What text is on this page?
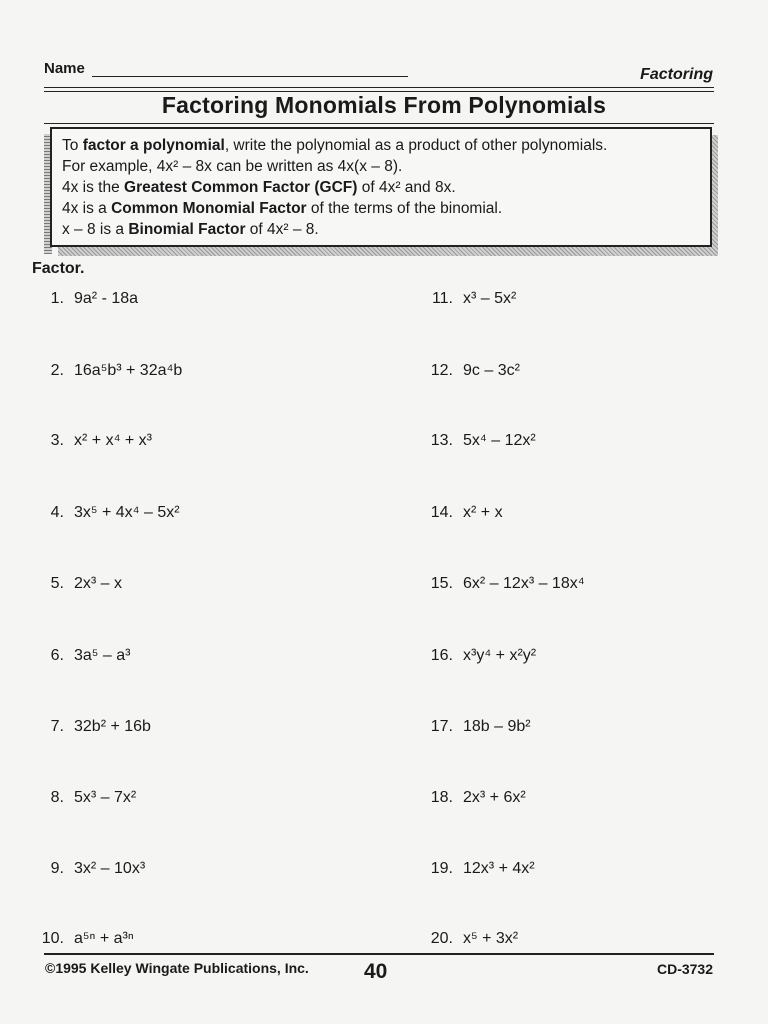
Name	Factoring
Factoring Monomials From Polynomials

To factor a polynomial, write the polynomial as a product of other polynomials.

For example, 4x² – 8x can be written as 4x(x – 8).

4x is the Greatest Common Factor (GCF) of 4x² and 8x.

4x is a Common Monomial Factor of the terms of the binomial.

x – 8 is a Binomial Factor of 4x² – 8.

Factor.
1. 9a² - 18a
2. 16a⁵b³ + 32a⁴b
3. x² + x⁴ + x³
4. 3x⁵ + 4x⁴ – 5x²
5. 2x³ – x
6. 3a⁵ – a³
7. 32b² + 16b
8. 5x³ – 7x²
9. 3x² – 10x³
10. a⁵ⁿ + a³ⁿ
11. x³ – 5x²
12. 9c – 3c²
13. 5x⁴ – 12x²
14. x² + x
15. 6x² – 12x³ – 18x⁴
16. x³y⁴ + x²y²
17. 18b – 9b²
18. 2x³ + 6x²
19. 12x³ + 4x²
20. x⁵ + 3x²
©1995 Kelley Wingate Publications, Inc.	40	CD-3732
